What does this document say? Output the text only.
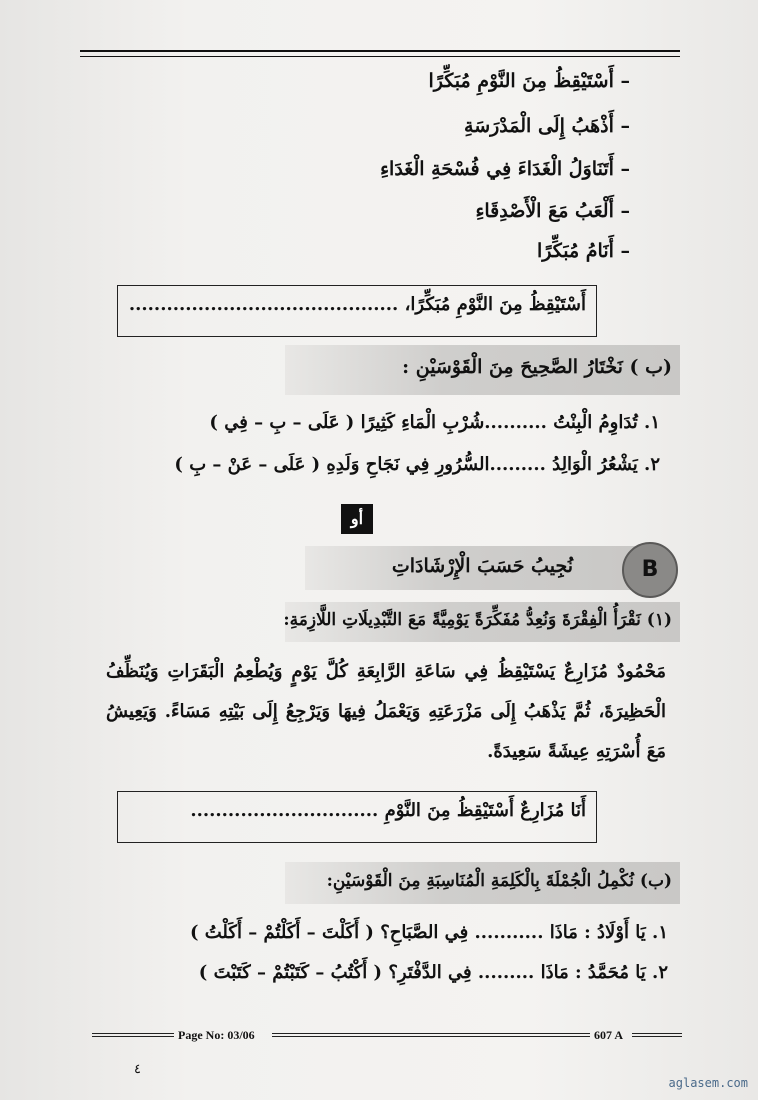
– أَسْتَيْقِظُ مِنَ النَّوْمِ مُبَكِّرًا
– أَذْهَبُ إِلَى الْمَدْرَسَةِ
– أَتَنَاوَلُ الْغَدَاءَ فِي فُسْحَةِ الْغَدَاءِ
– أَلْعَبُ مَعَ الْأَصْدِقَاءِ
– أَنَامُ مُبَكِّرًا
أَسْتَيْقِظُ مِنَ النَّوْمِ مُبَكِّرًا، ...........................................
(ب ) نَخْتَارُ الصَّحِيحَ مِنَ الْقَوْسَيْنِ :
١. تُدَاوِمُ الْبِنْتُ ..........شُرْبِ الْمَاءِ كَثِيرًا ( عَلَى – بِ – فِي )
٢. يَشْعُرُ الْوَالِدُ .........السُّرُورِ فِي نَجَاحِ وَلَدِهِ ( عَلَى – عَنْ – بِ )
أو
نُجِيبُ حَسَبَ الْإِرْشَادَاتِ	B
(١) نَقْرَأُ الْفِقْرَةَ وَنُعِدُّ مُفَكِّرَةً يَوْمِيَّةً مَعَ التَّبْدِيلَاتِ اللَّازِمَةِ:
مَحْمُودٌ مُزَارِعٌ يَسْتَيْقِظُ فِي سَاعَةِ الرَّابِعَةِ كُلَّ يَوْمٍ وَيُطْعِمُ الْبَقَرَاتِ وَيُنَظِّفُ الْحَظِيرَةَ، ثُمَّ يَذْهَبُ إِلَى مَزْرَعَتِهِ وَيَعْمَلُ فِيهَا وَيَرْجِعُ إِلَى بَيْتِهِ مَسَاءً. وَيَعِيشُ مَعَ أُسْرَتِهِ عِيشَةً سَعِيدَةً.
أَنَا مُزَارِعٌ أَسْتَيْقِظُ مِنَ النَّوْمِ ..............................
(ب) نُكْمِلُ الْجُمْلَةَ بِالْكَلِمَةِ الْمُنَاسِبَةِ مِنَ الْقَوْسَيْنِ:
١. يَا أَوْلَادُ : مَاذَا ........... فِي الصَّبَاحِ؟ ( أَكَلْتَ – أَكَلْتُمْ – أَكَلْتُ )
٢. يَا مُحَمَّدُ : مَاذَا ......... فِي الدَّفْتَرِ؟ ( أَكْتُبُ – كَتَبْتُمْ – كَتَبْتَ )
Page No: 03/06	607 A
٤
aglasem.com
